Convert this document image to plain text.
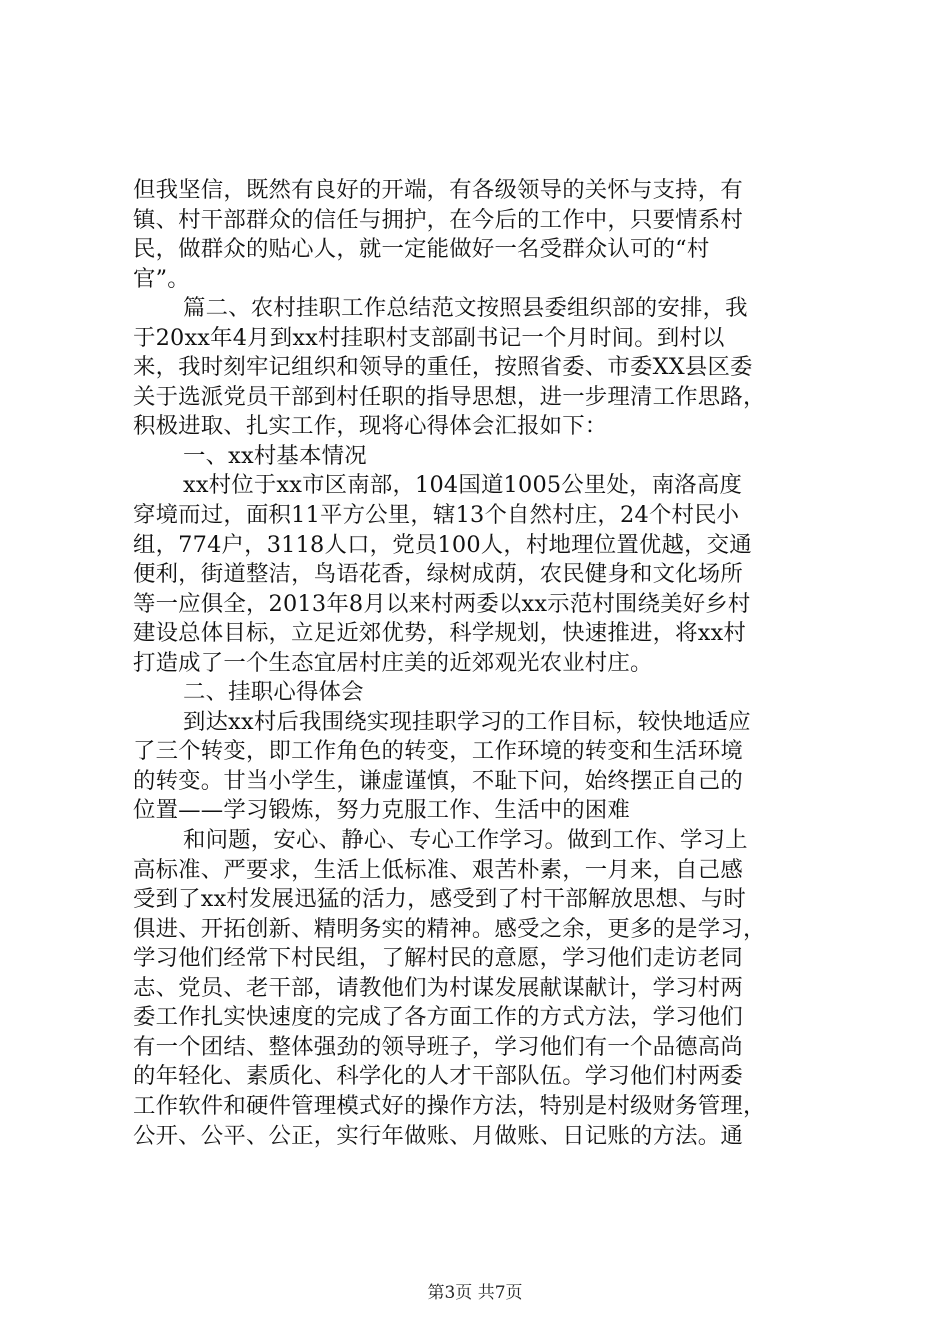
但我坚信，既然有良好的开端，有各级领导的关怀与支持，有

镇、村干部群众的信任与拥护，在今后的工作中，只要情系村

民，做群众的贴心人，就一定能做好一名受群众认可的“村

官”。

篇二、农村挂职工作总结范文按照县委组织部的安排，我

于20xx年4月到xx村挂职村支部副书记一个月时间。到村以

来，我时刻牢记组织和领导的重任，按照省委、市委XX县区委

关于选派党员干部到村任职的指导思想，进一步理清工作思路，

积极进取、扎实工作，现将心得体会汇报如下：

一、xx村基本情况

xx村位于xx市区南部，104国道1005公里处，南洛高度

穿境而过，面积11平方公里，辖13个自然村庄，24个村民小

组，774户，3118人口，党员100人，村地理位置优越，交通

便利，街道整洁，鸟语花香，绿树成荫，农民健身和文化场所

等一应俱全，2013年8月以来村两委以xx示范村围绕美好乡村

建设总体目标，立足近郊优势，科学规划，快速推进，将xx村

打造成了一个生态宜居村庄美的近郊观光农业村庄。

二、挂职心得体会

到达xx村后我围绕实现挂职学习的工作目标，较快地适应

了三个转变，即工作角色的转变，工作环境的转变和生活环境

的转变。甘当小学生，谦虚谨慎，不耻下问，始终摆正自己的

位置——学习锻炼，努力克服工作、生活中的困难

和问题，安心、静心、专心工作学习。做到工作、学习上

高标准、严要求，生活上低标准、艰苦朴素，一月来，自己感

受到了xx村发展迅猛的活力，感受到了村干部解放思想、与时

俱进、开拓创新、精明务实的精神。感受之余，更多的是学习，

学习他们经常下村民组，了解村民的意愿，学习他们走访老同

志、党员、老干部，请教他们为村谋发展献谋献计，学习村两

委工作扎实快速度的完成了各方面工作的方式方法，学习他们

有一个团结、整体强劲的领导班子，学习他们有一个品德高尚

的年轻化、素质化、科学化的人才干部队伍。学习他们村两委

工作软件和硬件管理模式好的操作方法，特别是村级财务管理，

公开、公平、公正，实行年做账、月做账、日记账的方法。通

第3页 共7页
